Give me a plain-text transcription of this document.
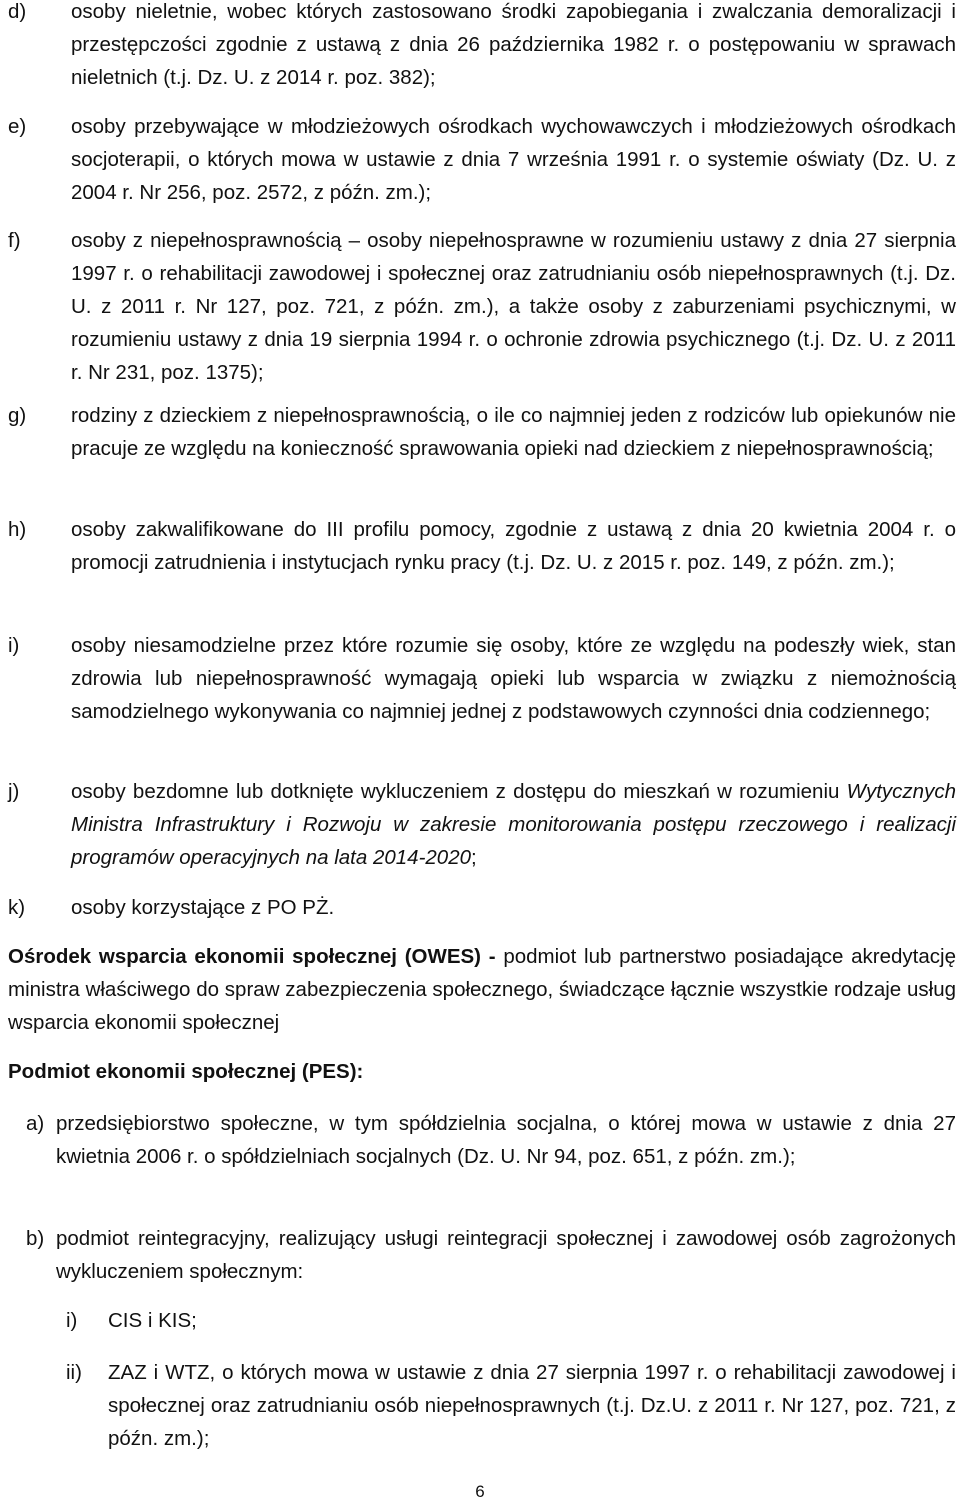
d) osoby nieletnie, wobec których zastosowano środki zapobiegania i zwalczania demoralizacji i przestępczości zgodnie z ustawą z dnia 26 października 1982 r. o postępowaniu w sprawach nieletnich (t.j. Dz. U. z 2014 r. poz. 382);
e) osoby przebywające w młodzieżowych ośrodkach wychowawczych i młodzieżowych ośrodkach socjoterapii, o których mowa w ustawie z dnia 7 września 1991 r. o systemie oświaty (Dz. U. z 2004 r. Nr 256, poz. 2572, z późn. zm.);
f) osoby z niepełnosprawnością – osoby niepełnosprawne w rozumieniu ustawy z dnia 27 sierpnia 1997 r. o rehabilitacji zawodowej i społecznej oraz zatrudnianiu osób niepełnosprawnych (t.j. Dz. U. z 2011 r. Nr 127, poz. 721, z późn. zm.), a także osoby z zaburzeniami psychicznymi, w rozumieniu ustawy z dnia 19 sierpnia 1994 r. o ochronie zdrowia psychicznego (t.j. Dz. U. z 2011 r. Nr 231, poz. 1375);
g) rodziny z dzieckiem z niepełnosprawnością, o ile co najmniej jeden z rodziców lub opiekunów nie pracuje ze względu na konieczność sprawowania opieki nad dzieckiem z niepełnosprawnością;
h) osoby zakwalifikowane do III profilu pomocy, zgodnie z ustawą z dnia 20 kwietnia 2004 r. o promocji zatrudnienia i instytucjach rynku pracy (t.j. Dz. U. z 2015 r. poz. 149, z późn. zm.);
i)	osoby niesamodzielne przez które rozumie się osoby, które ze względu na podeszły wiek, stan zdrowia lub niepełnosprawność wymagają opieki lub wsparcia w związku z niemożnością samodzielnego wykonywania co najmniej jednej z podstawowych czynności dnia codziennego;
j)	osoby bezdomne lub dotknięte wykluczeniem z dostępu do mieszkań w rozumieniu Wytycznych Ministra Infrastruktury i Rozwoju w zakresie monitorowania postępu rzeczowego i realizacji programów operacyjnych na lata 2014-2020;
k) osoby korzystające z PO PŻ.
Ośrodek wsparcia ekonomii społecznej (OWES) - podmiot lub partnerstwo posiadające akredytację ministra właściwego do spraw zabezpieczenia społecznego, świadczące łącznie wszystkie rodzaje usług wsparcia ekonomii społecznej
Podmiot ekonomii społecznej (PES):
a) przedsiębiorstwo społeczne, w tym spółdzielnia socjalna, o której mowa w ustawie z dnia 27 kwietnia 2006 r. o spółdzielniach socjalnych (Dz. U. Nr 94, poz. 651, z późn. zm.);
b) podmiot reintegracyjny, realizujący usługi reintegracji społecznej i zawodowej osób zagrożonych wykluczeniem społecznym:
i) CIS i KIS;
ii) ZAZ i WTZ, o których mowa w ustawie z dnia 27 sierpnia 1997 r. o rehabilitacji zawodowej i społecznej oraz zatrudnianiu osób niepełnosprawnych (t.j. Dz.U. z 2011 r. Nr 127, poz. 721, z późn. zm.);
6
